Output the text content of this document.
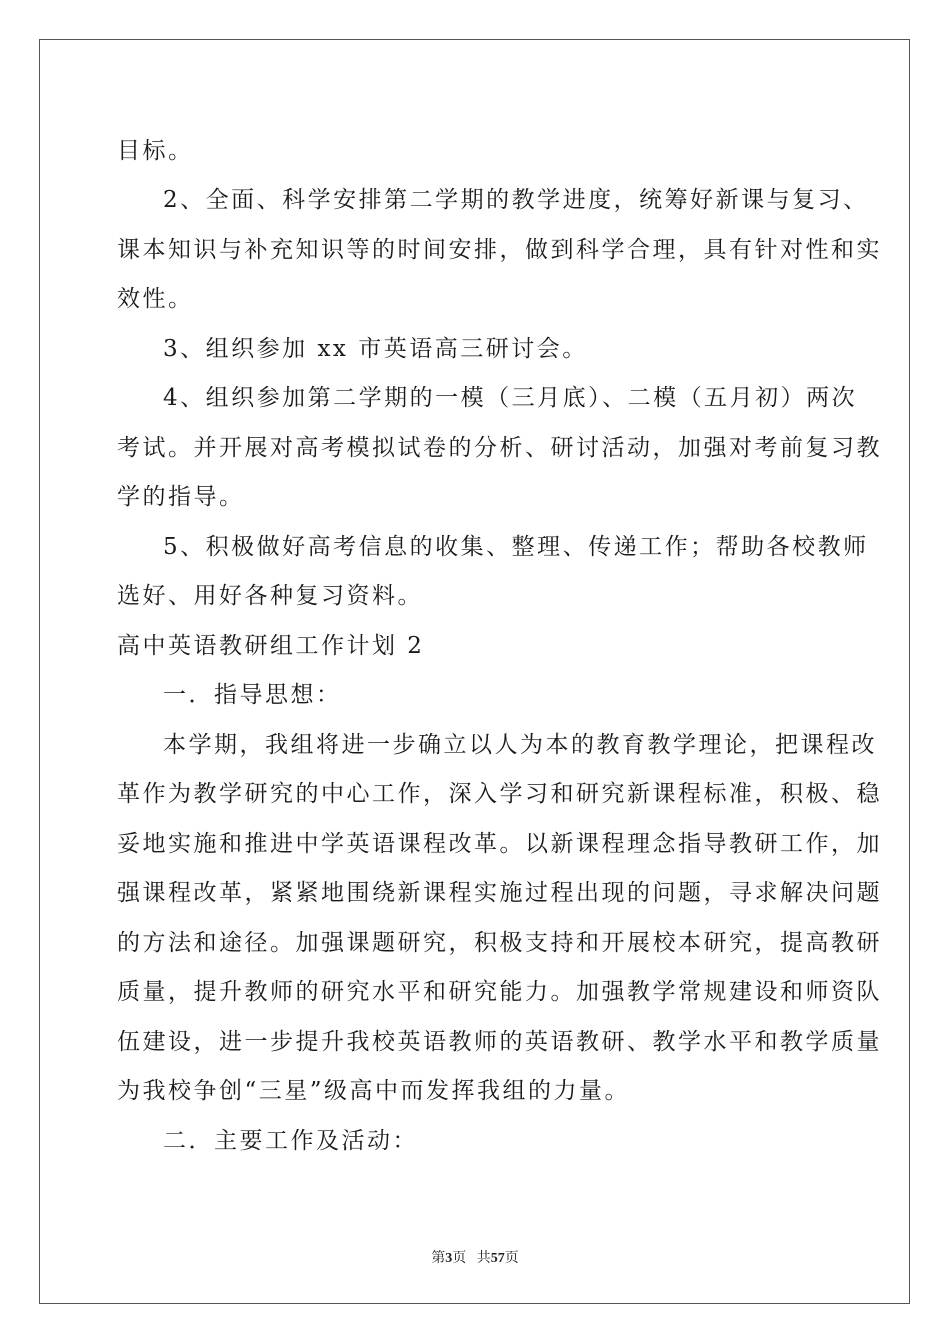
目标。
2、全面、科学安排第二学期的教学进度，统筹好新课与复习、
课本知识与补充知识等的时间安排，做到科学合理，具有针对性和实
效性。
3、组织参加 xx 市英语高三研讨会。
4、组织参加第二学期的一模（三月底）、二模（五月初）两次
考试。并开展对高考模拟试卷的分析、研讨活动，加强对考前复习教
学的指导。
5、积极做好高考信息的收集、整理、传递工作；帮助各校教师
选好、用好各种复习资料。
高中英语教研组工作计划 2
一．指导思想：
本学期，我组将进一步确立以人为本的教育教学理论，把课程改
革作为教学研究的中心工作，深入学习和研究新课程标准，积极、稳
妥地实施和推进中学英语课程改革。以新课程理念指导教研工作，加
强课程改革，紧紧地围绕新课程实施过程出现的问题，寻求解决问题
的方法和途径。加强课题研究，积极支持和开展校本研究，提高教研
质量，提升教师的研究水平和研究能力。加强教学常规建设和师资队
伍建设，进一步提升我校英语教师的英语教研、教学水平和教学质量
为我校争创“三星”级高中而发挥我组的力量。
二．主要工作及活动：
第3页 共57页
